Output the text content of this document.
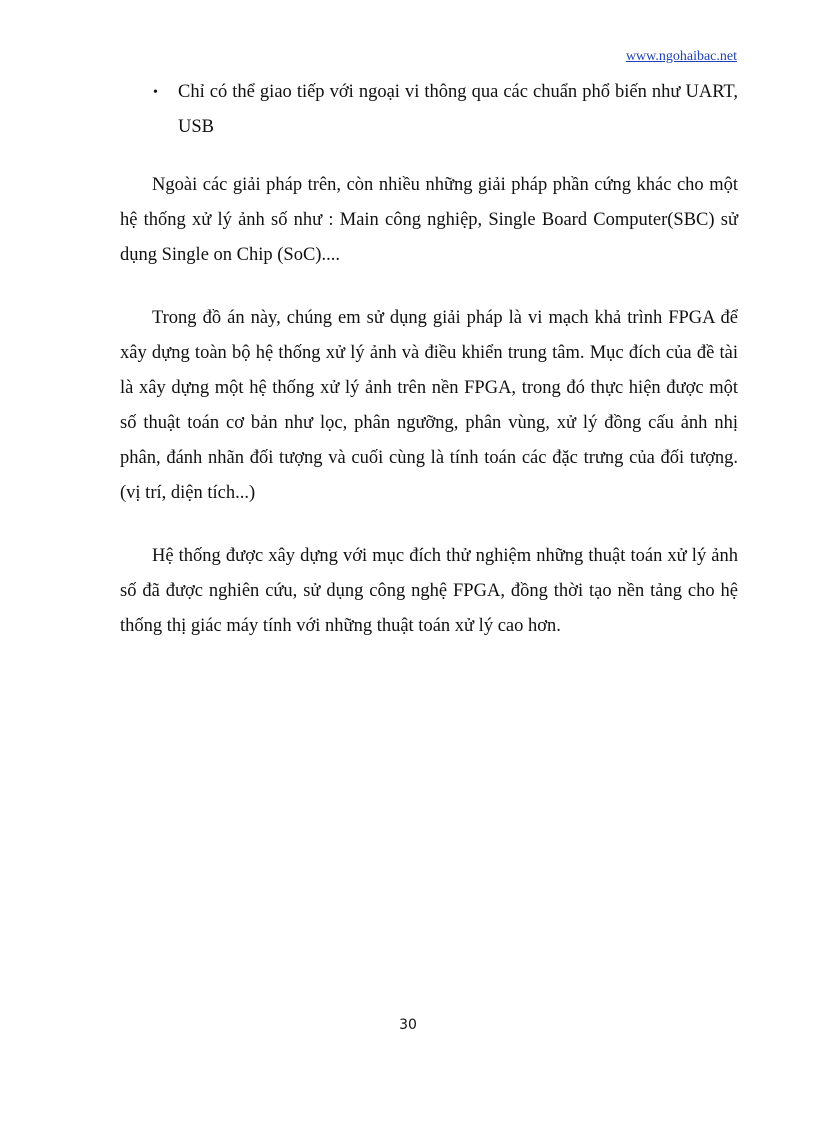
www.ngohaibac.net
• Chỉ có thể giao tiếp với ngoại vi thông qua các chuẩn phổ biến như UART, USB

Ngoài các giải pháp trên, còn nhiều những giải pháp phần cứng khác cho một hệ thống xử lý ảnh số như : Main công nghiệp, Single Board Computer(SBC) sử dụng Single on Chip (SoC)....

Trong đồ án này, chúng em sử dụng giải pháp là vi mạch khả trình FPGA để xây dựng toàn bộ hệ thống xử lý ảnh và điều khiển trung tâm. Mục đích của đề tài là xây dựng một hệ thống xử lý ảnh trên nền FPGA, trong đó thực hiện được một số thuật toán cơ bản như lọc, phân ngưỡng, phân vùng, xử lý đồng cấu ảnh nhị phân, đánh nhãn đối tượng và cuối cùng là tính toán các đặc trưng của đối tượng. (vị trí, diện tích...)

Hệ thống được xây dựng với mục đích thử nghiệm những thuật toán xử lý ảnh số đã được nghiên cứu, sử dụng công nghệ FPGA, đồng thời tạo nền tảng cho hệ thống thị giác máy tính với những thuật toán xử lý cao hơn.

30
